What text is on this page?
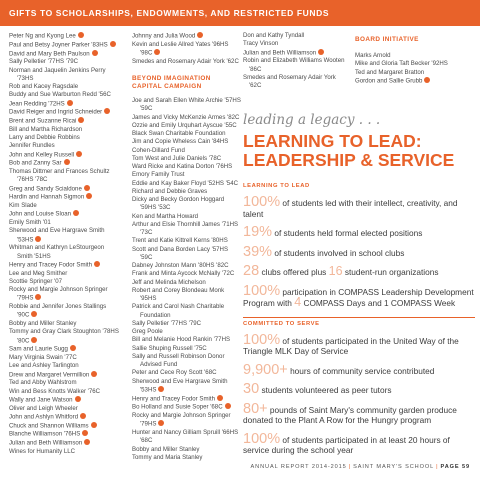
GIFTS TO SCHOLARSHIPS, ENDOWMENTS, AND RESTRICTED FUNDS
Peter Ng and Kyong Lee
Paul and Betsy Joyner Parker '83HS
David and Mary Beth Paulson
Sally Pelletier '77HS '79C
Norman and Jaquelin Jenkins Perry '73HS
Rob and Kacey Ragsdale
Buddy and Sue Warburton Redd '56C
Jean Redding '72HS
David Reiger and Ingrid Schneider
Brent and Suzanne Ricai
Bill and Martha Richardson
Larry and Debbie Robbins
Jennifer Rundles
John and Kelley Russell
Bob and Zanny Sar
Thomas Dittmer and Frances Schultz '76HS '78C
Greg and Sandy Scialdone
Hardin and Hannah Sigmon
Kim Slade
John and Louise Sloan
Emily Smith '01
Sherwood and Eve Hargrave Smith '53HS
Whitman and Kathryn LeStourgeon Smith '51HS
Henry and Tracey Fodor Smith
Lee and Meg Smither
Scottie Springer '07
Rocky and Margie Johnson Springer '79HS
Robbie and Jennifer Jones Stallings '90C
Bobby and Miller Stanley
Tommy and Gray Clark Stoughton '78HS '80C
Sam and Laurie Sugg
Mary Virginia Swain '77C
Lee and Ashley Tarlington
Drew and Margaret Vermillion
Ted and Abby Wahlstrom
Win and Bess Knotts Walker '76C
Wally and Jane Watson
Oliver and Leigh Wheeler
John and Ashlyn Whitford
Chuck and Shannon Williams
Blanche Williamson '76HS
Julian and Beth Williamson
Wines for Humanity LLC
Johnny and Julia Wood
Kevin and Leslie Allred Yates '96HS '98C
Smedes and Rosemary Adair York '62C
BEYOND IMAGINATION CAPITAL CAMPAIGN
Joe and Sarah Ellen White Archie '57HS '59C
James and Vicky McKenzie Armes '82C
Ozzie and Emily Urquhart Ayscue '55C
Black Swan Charitable Foundation
Jim and Copie Wheless Cain '84HS
Cohen-Dillard Fund
Tom West and Julie Daniels '78C
Ward Ricke and Katina Dorton '76HS
Emory Family Trust
Eddie and Kay Baker Floyd '52HS '54C
Richard and Debbie Graves
Dicky and Becky Gordon Hoggard '59HS '53C
Ken and Martha Howard
Arthur and Elsie Thornhill James '71HS '73C
Trent and Katie Kittrell Kerns '80HS
Scott and Dana Borden Lacy '57HS '59C
Dabney Johnston Mann '80HS '82C
Frank and Minta Aycock McNally '72C
Jeff and Melinda Michelson
Robert and Corey Blondeau Monk '95HS
Patrick and Carol Nash Charitable Foundation
Sally Pelletier '77HS '79C
Greg Poole
Bill and Melanie Hood Rankin '77HS
Sallie Shuping Russell '75C
Sally and Russell Robinson Donor Advised Fund
Peter and Cece Roy Scott '68C
Sherwood and Eve Hargrave Smith '53HS
Henry and Tracey Fodor Smith
Bo Holland and Susie Soper '68C
Rocky and Margie Johnson Springer '79HS
Hunter and Nancy Gilliam Spruill '66HS '68C
Bobby and Miller Stanley
Tommy and Maria Stanley
Don and Kathy Tyndall
Tracy Vinson
Julian and Beth Williamson
Robin and Elizabeth Williams Wooten '86C
Smedes and Rosemary Adair York '62C
BOARD INITIATIVE
Marks Arnold
Mike and Gloria Taft Becker '92HS
Ted and Margaret Bratton
Gordon and Sallie Grubb
leading a legacy . . .
LEARNING TO LEAD:
LEADERSHIP & SERVICE
LEARNING TO LEAD
100% of students led with their intellect, creativity, and talent
19% of students held formal elected positions
39% of students involved in school clubs
28 clubs offered plus 16 student-run organizations
100% participation in COMPASS Leadership Development Program with 4 COMPASS Days and 1 COMPASS Week
COMMITTED TO SERVE
100% of students participated in the United Way of the Triangle MLK Day of Service
9,900+ hours of community service contributed
30 students volunteered as peer tutors
80+ pounds of Saint Mary's community garden produce donated to the Plant A Row for the Hungry program
100% of students participated in at least 20 hours of service during the school year
ANNUAL REPORT 2014-2015 | SAINT MARY'S SCHOOL | PAGE 59
